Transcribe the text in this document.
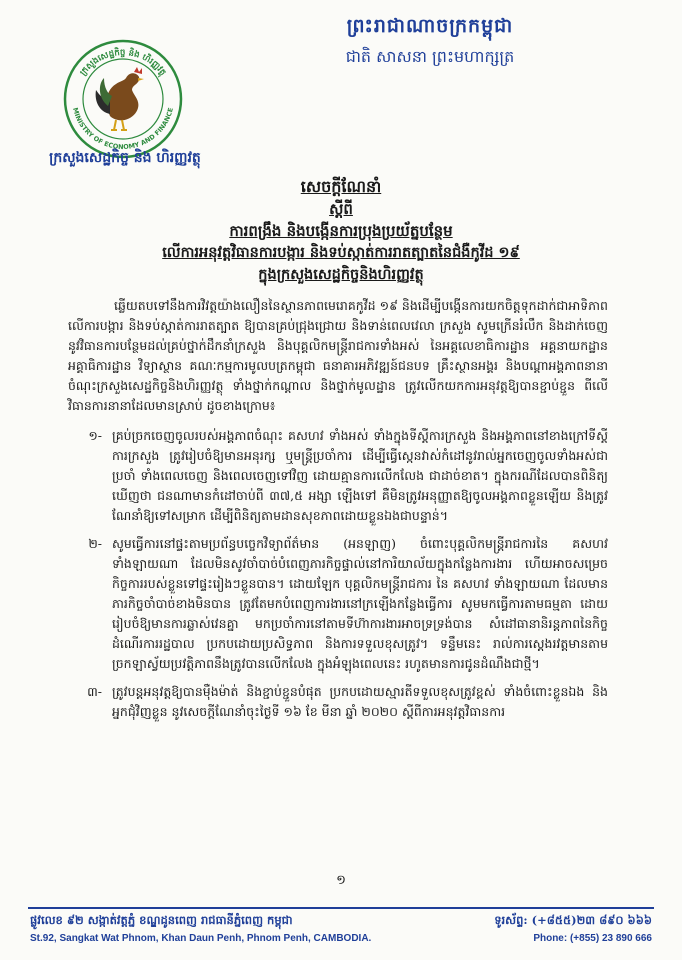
ព្រះរាជាណាចក្រកម្ពុជា
ជាតិ សាសនា ព្រះមហាក្សត្រ
ក្រសួងសេដ្ឋកិច្ច និង ហិរញ្ញវត្ថុ
MINISTRY OF ECONOMY AND FINANCE
ក្រសួងសេដ្ឋកិច្ច និង ហិរញ្ញវត្ថុ
សេចក្តីណែនាំ
ស្តីពី
ការពង្រឹង និងបង្កើនការប្រុងប្រយ័ត្នបន្ថែម
លើការអនុវត្តវិធានការបង្ការ និងទប់ស្កាត់ការរាតត្បាតនៃជំងឺកូវីដ ១៩
ក្នុងក្រសួងសេដ្ឋកិច្ចនិងហិរញ្ញវត្ថុ
ឆ្លើយតបទៅនឹងការវិវត្តយ៉ាងលឿននៃស្ថានភាពមេរោគកូវីដ ១៩ និងដើម្បីបង្កើនការយកចិត្តទុកដាក់ជាអាទិភាព លើការបង្ការ និងទប់ស្កាត់ការរាតត្បាត ឱ្យបានគ្រប់ជ្រុងជ្រោយ និងទាន់ពេលវេលា ក្រសួង សូមក្រើនរំលឹក និងដាក់ចេញនូវវិធានការបន្ថែមដល់គ្រប់ថ្នាក់ដឹកនាំក្រសួង និងបុគ្គលិកមន្ត្រីរាជការទាំងអស់ នៃអគ្គលេខាធិការដ្ឋាន អគ្គនាយកដ្ឋាន អគ្គាធិការដ្ឋាន វិទ្យាស្ថាន គណៈកម្មការមូលបត្រកម្ពុជា ធនាគារអភិវឌ្ឍន៍ជនបទ គ្រឹះស្ថានអង្គរ និងបណ្តាអង្គភាពនានា ចំណុះក្រសួងសេដ្ឋកិច្ចនិងហិរញ្ញវត្ថុ ទាំងថ្នាក់កណ្តាល និងថ្នាក់មូលដ្ឋាន ត្រូវលើកយកការអនុវត្តឱ្យបានខ្ជាប់ខ្ជួន ពីលើវិធានការនានាដែលមានស្រាប់ ដូចខាងក្រោម៖
១- គ្រប់ច្រកចេញចូលរបស់អង្គភាពចំណុះ គសហវ ទាំងអស់ ទាំងក្នុងទីស្តីការក្រសួង និងអង្គភាពនៅខាងក្រៅទីស្តីការក្រសួង ត្រូវរៀបចំឱ្យមានអនុរក្ស ឬមន្ត្រីប្រចាំការ ដើម្បីធ្វើស្កេនវាស់កំដៅនូវរាល់អ្នកចេញចូលទាំងអស់ជាប្រចាំ ទាំងពេលចេញ និងពេលចេញទៅវិញ ដោយគ្មានការលើកលែង ជាដាច់ខាត។ ក្នុងករណីដែលបានពិនិត្យឃើញថា ជនណាមានកំដៅចាប់ពី ៣៧,៥ អង្សា ឡើងទៅ គឺមិនត្រូវអនុញ្ញាតឱ្យចូលអង្គភាពខ្លួនឡើយ និងត្រូវណែនាំឱ្យទៅសម្រាក ដើម្បីពិនិត្យតាមដានសុខភាពដោយខ្លួនឯងជាបន្ទាន់។
២- សូមធ្វើការនៅផ្ទះតាមប្រព័ន្ធបច្ចេកវិទ្យាព័ត៌មាន (អនឡាញ) ចំពោះបុគ្គលិកមន្ត្រីរាជការនៃ គសហវ ទាំងឡាយណា ដែលមិនសូវចាំបាច់បំពេញភារកិច្ចផ្ទាល់នៅការិយាល័យក្នុងកន្លែងការងារ ហើយអាចសម្រេចកិច្ចការរបស់ខ្លួនទៅផ្ទះរៀងៗខ្លួនបាន។ ដោយឡែក បុគ្គលិកមន្ត្រីរាជការ នៃ គសហវ ទាំងឡាយណា ដែលមានភារកិច្ចចាំបាច់ខាងមិនបាន ត្រូវតែមកបំពេញការងារនៅក្រឡើងកន្លែងធ្វើការ សូមមកធ្វើការតាមធម្មតា ដោយរៀបចំឱ្យមានការឆ្លាស់វេនគ្នា មកប្រចាំការនៅតាមទីហ៊ាការងារអាចទ្រទ្រង់បាន សំដៅធានានិរន្តភាពនៃកិច្ចដំណើរការរដ្ឋបាល ប្រកបដោយប្រសិទ្ធភាព និងការទទួលខុសត្រូវ។ ទន្ទឹមនេះ រាល់ការស្តេងរវត្តមានតាមច្រកឡាស្វ័យប្រវត្តិភាពនឹងត្រូវបានលើកលែង ក្នុងអំឡុងពេលនេះ រហូតមានការជូនដំណឹងជាថ្មី។
៣- ត្រូវបន្តអនុវត្តឱ្យបានម៉ឺងម៉ាត់ និងខ្ជាប់ខ្ជួនបំផុត ប្រកបដោយស្មារតីទទួលខុសត្រូវខ្ពស់ ទាំងចំពោះខ្លួនឯង និងអ្នកជុំវិញខ្លួន នូវសេចក្តីណែនាំចុះថ្ងៃទី ១៦ ខែ មីនា ឆ្នាំ ២០២០ ស្តីពីការអនុវត្តវិធានការ
១
ផ្លូវលេខ ៩២ សង្កាត់វត្តភ្នំ ខណ្ឌដូនពេញ រាជធានីភ្នំពេញ កម្ពុជា
St.92, Sangkat Wat Phnom, Khan Daun Penh, Phnom Penh, CAMBODIA.
ទូរស័ព្ទ: (+៨៥៥)២៣ ៨៩០ ៦៦៦
Phone: (+855) 23 890 666
